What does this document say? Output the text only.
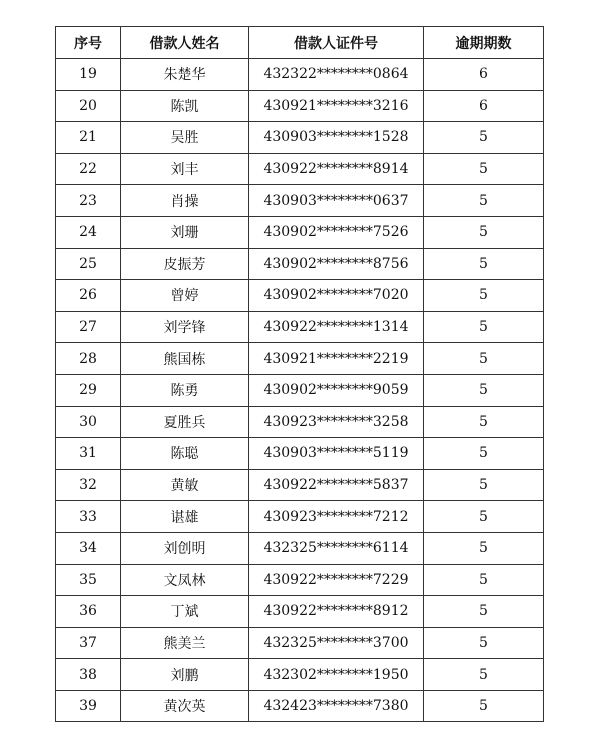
序号	借款人姓名	借款人证件号	逾期期数
19	朱楚华	432322********0864	6
20	陈凯	430921********3216	6
21	吴胜	430903********1528	5
22	刘丰	430922********8914	5
23	肖操	430903********0637	5
24	刘珊	430902********7526	5
25	皮振芳	430902********8756	5
26	曾婷	430902********7020	5
27	刘学锋	430922********1314	5
28	熊国栋	430921********2219	5
29	陈勇	430902********9059	5
30	夏胜兵	430923********3258	5
31	陈聪	430903********5119	5
32	黄敏	430922********5837	5
33	谌雄	430923********7212	5
34	刘创明	432325********6114	5
35	文凤林	430922********7229	5
36	丁斌	430922********8912	5
37	熊美兰	432325********3700	5
38	刘鹏	432302********1950	5
39	黄次英	432423********7380	5
